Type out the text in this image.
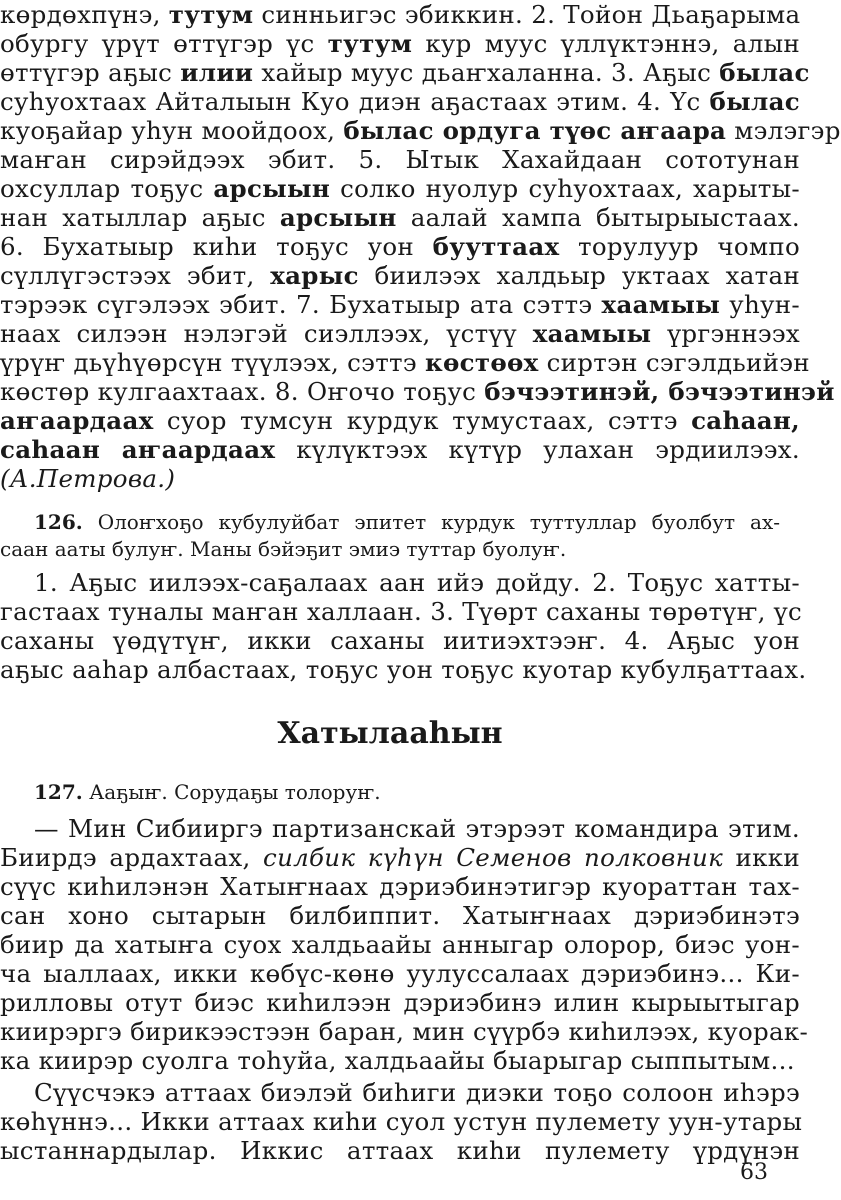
көрдөхпүнэ, тутум синньигэс эбиккин. 2. Тойон Дьаҕарыма
обургу үрүт өттүгэр үс тутум кур муус үллүктэннэ, алын
өттүгэр аҕыс илии хайыр муус дьаҥхаланна. 3. Аҕыс былас
суһуохтаах Айталыын Куо диэн аҕастаах этим. 4. Үс былас
куоҕайар уһун моойдоох, былас ордуга түөс аҥаара мэлэгэр
маҥан сирэйдээх эбит. 5. Ытык Хахайдаан сототунан
охсуллар тоҕус арсыын солко нуолур суһуохтаах, харыты-
нан хатыллар аҕыс арсыын аалай хампа бытырыыстаах.
6. Бухатыыр киһи тоҕус уон бууттаах торулуур чомпо
сүллүгэстээх эбит, харыс биилээх халдьыр уктаах хатан
тэрээк сүгэлээх эбит. 7. Бухатыыр ата сэттэ хаамыы уһун-
наах силээн нэлэгэй сиэллээх, үстүү хаамыы үргэннээх
үрүҥ дьүһүөрсүн түүлээх, сэттэ көстөөх сиртэн сэгэлдьийэн
көстөр кулгаахтаах. 8. Оҥочо тоҕус бэчээтинэй, бэчээтинэй
аҥаардаах суор тумсун курдук тумустаах, сэттэ саһаан,
саһаан аҥаардаах күлүктээх күтүр улахан эрдиилээх.
(А.Петрова.)
126. Олоҥхоҕо кубулуйбат эпитет курдук туттуллар буолбут ах-
саан ааты булуҥ. Маны бэйэҕит эмиэ туттар буолуҥ.
1. Аҕыс иилээх-саҕалаах аан ийэ дойду. 2. Тоҕус хатты-
гастаах туналы маҥан халлаан. 3. Түөрт саханы төрөтүҥ, үс
саханы үөдүтүҥ, икки саханы иитиэхтээҥ. 4. Аҕыс уон
аҕыс ааһар албастаах, тоҕус уон тоҕус куотар кубулҕаттаах.
Хатылааһын
127. Ааҕыҥ. Сорудаҕы толоруҥ.
— Мин Сибииргэ партизанскай этэрээт командира этим.
Биирдэ ардахтаах, силбик күһүн Семенов полковник икки
сүүс киһилэнэн Хатыҥнаах дэриэбинэтигэр куораттан тах-
сан хоно сытарын билбиппит. Хатыҥнаах дэриэбинэтэ
биир да хатыҥа суох халдьаайы анныгар олорор, биэс уон-
ча ыаллаах, икки көбүс-көнө уулуссалаах дэриэбинэ... Ки-
рилловы отут биэс киһилээн дэриэбинэ илин кырыытыгар
киирэргэ бирикээстээн баран, мин сүүрбэ киһилээх, куорак-
ка киирэр суолга тоһуйа, халдьаайы быарыгар сыппытым...
Сүүсчэкэ аттаах биэлэй биһиги диэки тоҕо солоон иһэрэ
көһүннэ... Икки аттаах киһи суол устун пулемету уун-утары
ыстаннардылар. Иккис аттаах киһи пулемету үрдүнэн
63
